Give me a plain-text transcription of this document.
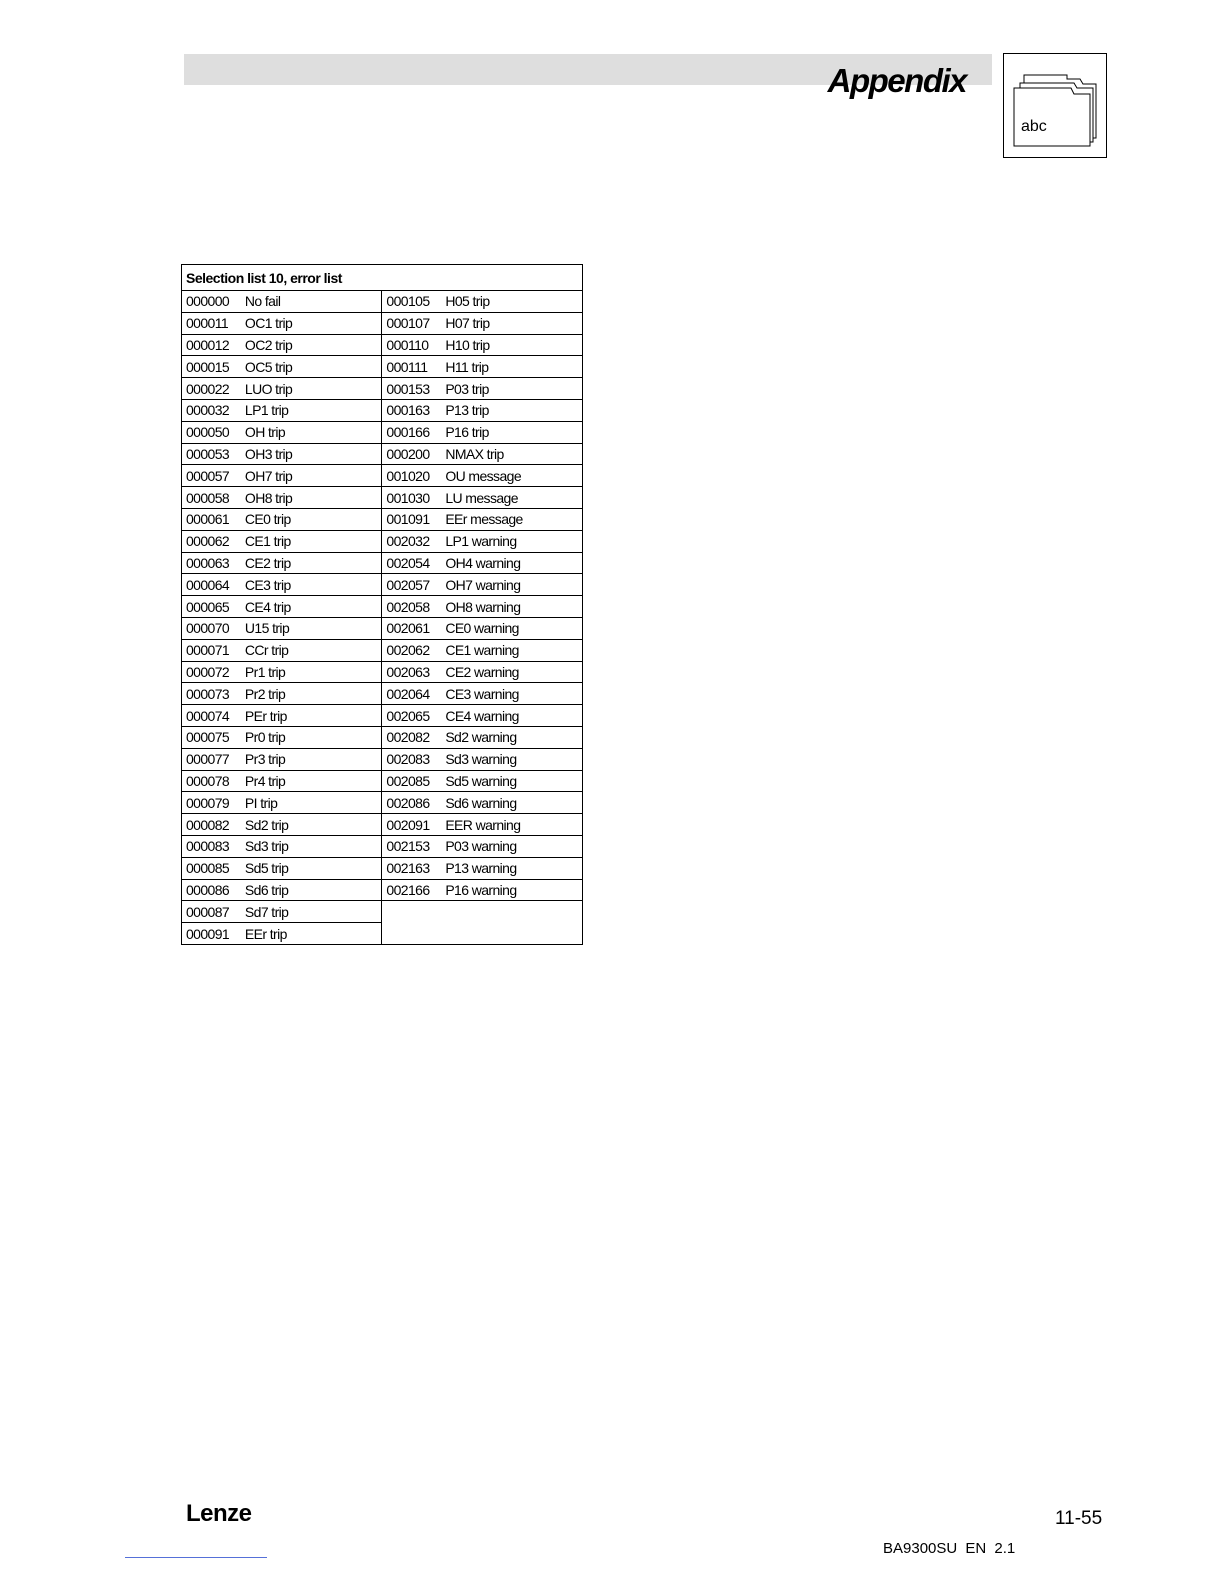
Appendix
abc
Selection list 10, error list			
000000	No fail	000105	H05 trip
000011	OC1 trip	000107	H07 trip
000012	OC2 trip	000110	H10 trip
000015	OC5 trip	000111	H11 trip
000022	LUO trip	000153	P03 trip
000032	LP1 trip	000163	P13 trip
000050	OH trip	000166	P16 trip
000053	OH3 trip	000200	NMAX trip
000057	OH7 trip	001020	OU message
000058	OH8 trip	001030	LU message
000061	CE0 trip	001091	EEr message
000062	CE1 trip	002032	LP1 warning
000063	CE2 trip	002054	OH4 warning
000064	CE3 trip	002057	OH7 warning
000065	CE4 trip	002058	OH8 warning
000070	U15 trip	002061	CE0 warning
000071	CCr trip	002062	CE1 warning
000072	Pr1 trip	002063	CE2 warning
000073	Pr2 trip	002064	CE3 warning
000074	PEr trip	002065	CE4 warning
000075	Pr0 trip	002082	Sd2 warning
000077	Pr3 trip	002083	Sd3 warning
000078	Pr4 trip	002085	Sd5 warning
000079	PI trip	002086	Sd6 warning
000082	Sd2 trip	002091	EER warning
000083	Sd3 trip	002153	P03 warning
000085	Sd5 trip	002163	P13 warning
000086	Sd6 trip	002166	P16 warning
000087	Sd7 trip		
000091	EEr trip		
Lenze
BA9300SU EN 2.1
11-55
